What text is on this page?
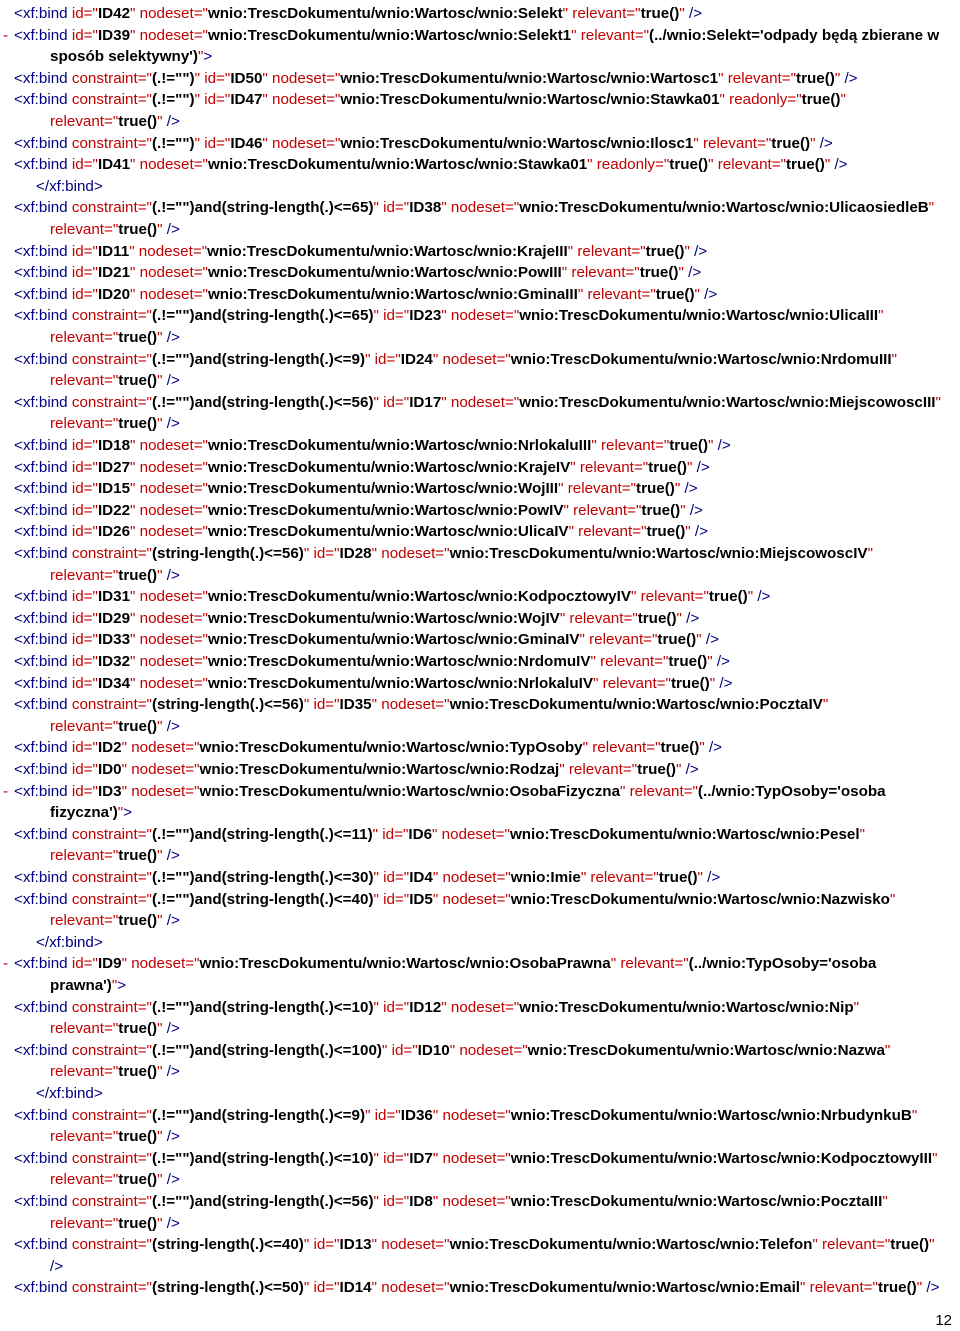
<xf:bind id="ID42" nodeset="wnio:TrescDokumentu/wnio:Wartosc/wnio:Selekt" relevant="true()" />
- <xf:bind id="ID39" nodeset="wnio:TrescDokumentu/wnio:Wartosc/wnio:Selekt1" relevant="(../wnio:Selekt='odpady będą zbierane w
sposób selektywny')">
<xf:bind constraint="(.!="")" id="ID50" nodeset="wnio:TrescDokumentu/wnio:Wartosc/wnio:Wartosc1" relevant="true()" />
<xf:bind constraint="(.!="")" id="ID47" nodeset="wnio:TrescDokumentu/wnio:Wartosc/wnio:Stawka01" readonly="true()"
relevant="true()" />
<xf:bind constraint="(.!="")" id="ID46" nodeset="wnio:TrescDokumentu/wnio:Wartosc/wnio:Ilosc1" relevant="true()" />
<xf:bind id="ID41" nodeset="wnio:TrescDokumentu/wnio:Wartosc/wnio:Stawka01" readonly="true()" relevant="true()" />
</xf:bind>
<xf:bind constraint="(.!="")and(string-length(.)<=65)" id="ID38" nodeset="wnio:TrescDokumentu/wnio:Wartosc/wnio:UlicaosiedleB"
relevant="true()" />
<xf:bind id="ID11" nodeset="wnio:TrescDokumentu/wnio:Wartosc/wnio:KrajeIII" relevant="true()" />
<xf:bind id="ID21" nodeset="wnio:TrescDokumentu/wnio:Wartosc/wnio:PowIII" relevant="true()" />
<xf:bind id="ID20" nodeset="wnio:TrescDokumentu/wnio:Wartosc/wnio:GminaIII" relevant="true()" />
<xf:bind constraint="(.!="")and(string-length(.)<=65)" id="ID23" nodeset="wnio:TrescDokumentu/wnio:Wartosc/wnio:UlicaIII"
relevant="true()" />
<xf:bind constraint="(.!="")and(string-length(.)<=9)" id="ID24" nodeset="wnio:TrescDokumentu/wnio:Wartosc/wnio:NrdomuIII"
relevant="true()" />
<xf:bind constraint="(.!="")and(string-length(.)<=56)" id="ID17" nodeset="wnio:TrescDokumentu/wnio:Wartosc/wnio:MiejscowoscIII"
relevant="true()" />
<xf:bind id="ID18" nodeset="wnio:TrescDokumentu/wnio:Wartosc/wnio:NrlokaluIII" relevant="true()" />
<xf:bind id="ID27" nodeset="wnio:TrescDokumentu/wnio:Wartosc/wnio:KrajeIV" relevant="true()" />
<xf:bind id="ID15" nodeset="wnio:TrescDokumentu/wnio:Wartosc/wnio:WojIII" relevant="true()" />
<xf:bind id="ID22" nodeset="wnio:TrescDokumentu/wnio:Wartosc/wnio:PowIV" relevant="true()" />
<xf:bind id="ID26" nodeset="wnio:TrescDokumentu/wnio:Wartosc/wnio:UlicaIV" relevant="true()" />
<xf:bind constraint="(string-length(.)<=56)" id="ID28" nodeset="wnio:TrescDokumentu/wnio:Wartosc/wnio:MiejscowoscIV"
relevant="true()" />
<xf:bind id="ID31" nodeset="wnio:TrescDokumentu/wnio:Wartosc/wnio:KodpocztowyIV" relevant="true()" />
<xf:bind id="ID29" nodeset="wnio:TrescDokumentu/wnio:Wartosc/wnio:WojIV" relevant="true()" />
<xf:bind id="ID33" nodeset="wnio:TrescDokumentu/wnio:Wartosc/wnio:GminaIV" relevant="true()" />
<xf:bind id="ID32" nodeset="wnio:TrescDokumentu/wnio:Wartosc/wnio:NrdomuIV" relevant="true()" />
<xf:bind id="ID34" nodeset="wnio:TrescDokumentu/wnio:Wartosc/wnio:NrlokaluIV" relevant="true()" />
<xf:bind constraint="(string-length(.)<=56)" id="ID35" nodeset="wnio:TrescDokumentu/wnio:Wartosc/wnio:PocztaIV"
relevant="true()" />
<xf:bind id="ID2" nodeset="wnio:TrescDokumentu/wnio:Wartosc/wnio:TypOsoby" relevant="true()" />
<xf:bind id="ID0" nodeset="wnio:TrescDokumentu/wnio:Wartosc/wnio:Rodzaj" relevant="true()" />
- <xf:bind id="ID3" nodeset="wnio:TrescDokumentu/wnio:Wartosc/wnio:OsobaFizyczna" relevant="(../wnio:TypOsoby='osoba
fizyczna')">
<xf:bind constraint="(.!="")and(string-length(.)<=11)" id="ID6" nodeset="wnio:TrescDokumentu/wnio:Wartosc/wnio:Pesel"
relevant="true()" />
<xf:bind constraint="(.!="")and(string-length(.)<=30)" id="ID4" nodeset="wnio:Imie" relevant="true()" />
<xf:bind constraint="(.!="")and(string-length(.)<=40)" id="ID5" nodeset="wnio:TrescDokumentu/wnio:Wartosc/wnio:Nazwisko"
relevant="true()" />
</xf:bind>
- <xf:bind id="ID9" nodeset="wnio:TrescDokumentu/wnio:Wartosc/wnio:OsobaPrawna" relevant="(../wnio:TypOsoby='osoba
prawna')">
<xf:bind constraint="(.!="")and(string-length(.)<=10)" id="ID12" nodeset="wnio:TrescDokumentu/wnio:Wartosc/wnio:Nip"
relevant="true()" />
<xf:bind constraint="(.!="")and(string-length(.)<=100)" id="ID10" nodeset="wnio:TrescDokumentu/wnio:Wartosc/wnio:Nazwa"
relevant="true()" />
</xf:bind>
<xf:bind constraint="(.!="")and(string-length(.)<=9)" id="ID36" nodeset="wnio:TrescDokumentu/wnio:Wartosc/wnio:NrbudynkuB"
relevant="true()" />
<xf:bind constraint="(.!="")and(string-length(.)<=10)" id="ID7" nodeset="wnio:TrescDokumentu/wnio:Wartosc/wnio:KodpocztowyIII"
relevant="true()" />
<xf:bind constraint="(.!="")and(string-length(.)<=56)" id="ID8" nodeset="wnio:TrescDokumentu/wnio:Wartosc/wnio:PocztaIII"
relevant="true()" />
<xf:bind constraint="(string-length(.)<=40)" id="ID13" nodeset="wnio:TrescDokumentu/wnio:Wartosc/wnio:Telefon" relevant="true()"
/>
<xf:bind constraint="(string-length(.)<=50)" id="ID14" nodeset="wnio:TrescDokumentu/wnio:Wartosc/wnio:Email" relevant="true()" />
12
